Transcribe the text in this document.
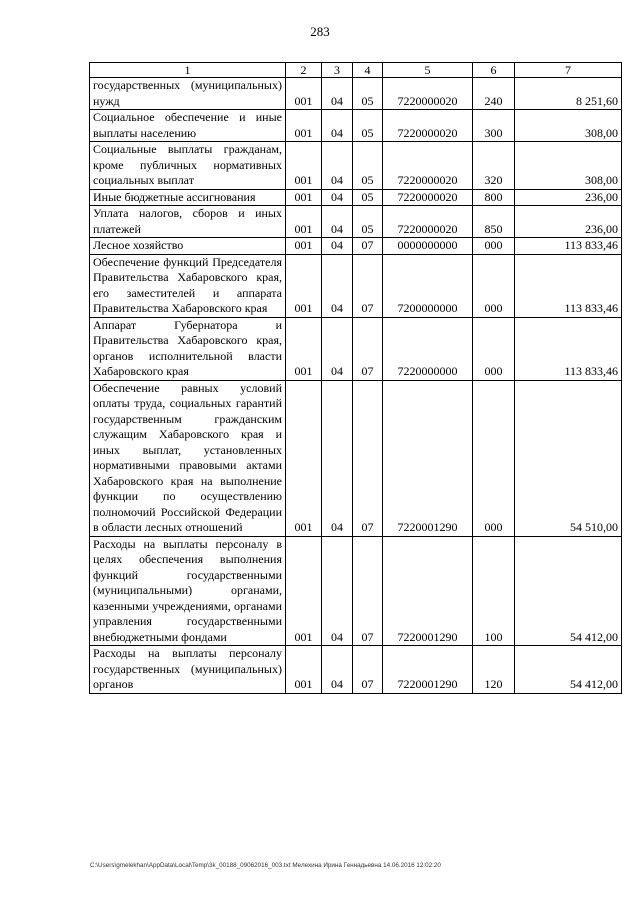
283
1	2	3	4	5	6	7
государственных (муниципальных) нужд	001	04	05	7220000020	240	8 251,60
Социальное обеспечение и иные выплаты населению	001	04	05	7220000020	300	308,00
Социальные выплаты гражданам, кроме публичных нормативных социальных выплат	001	04	05	7220000020	320	308,00
Иные бюджетные ассигнования	001	04	05	7220000020	800	236,00
Уплата налогов, сборов и иных платежей	001	04	05	7220000020	850	236,00
Лесное хозяйство	001	04	07	0000000000	000	113 833,46
Обеспечение функций Председателя Правительства Хабаровского края, его заместителей и аппарата Правительства Хабаровского края	001	04	07	7200000000	000	113 833,46
Аппарат Губернатора и Правительства Хабаровского края, органов исполнительной власти Хабаровского края	001	04	07	7220000000	000	113 833,46
Обеспечение равных условий оплаты труда, социальных гарантий государственным гражданским служащим Хабаровского края и иных выплат, установленных нормативными правовыми актами Хабаровского края на выполнение функции по осуществлению полномочий Российской Федерации в области лесных отношений	001	04	07	7220001290	000	54 510,00
Расходы на выплаты персоналу в целях обеспечения выполнения функций государственными (муниципальными) органами, казенными учреждениями, органами управления государственными внебюджетными фондами	001	04	07	7220001290	100	54 412,00
Расходы на выплаты персоналу государственных (муниципальных) органов	001	04	07	7220001290	120	54 412,00
C:\Users\gmelekhan\AppData\Local\Temp\3k_00188_09062016_003.txt Мелехина Ирина Геннадьевна 14.06.2016 12:02:20
